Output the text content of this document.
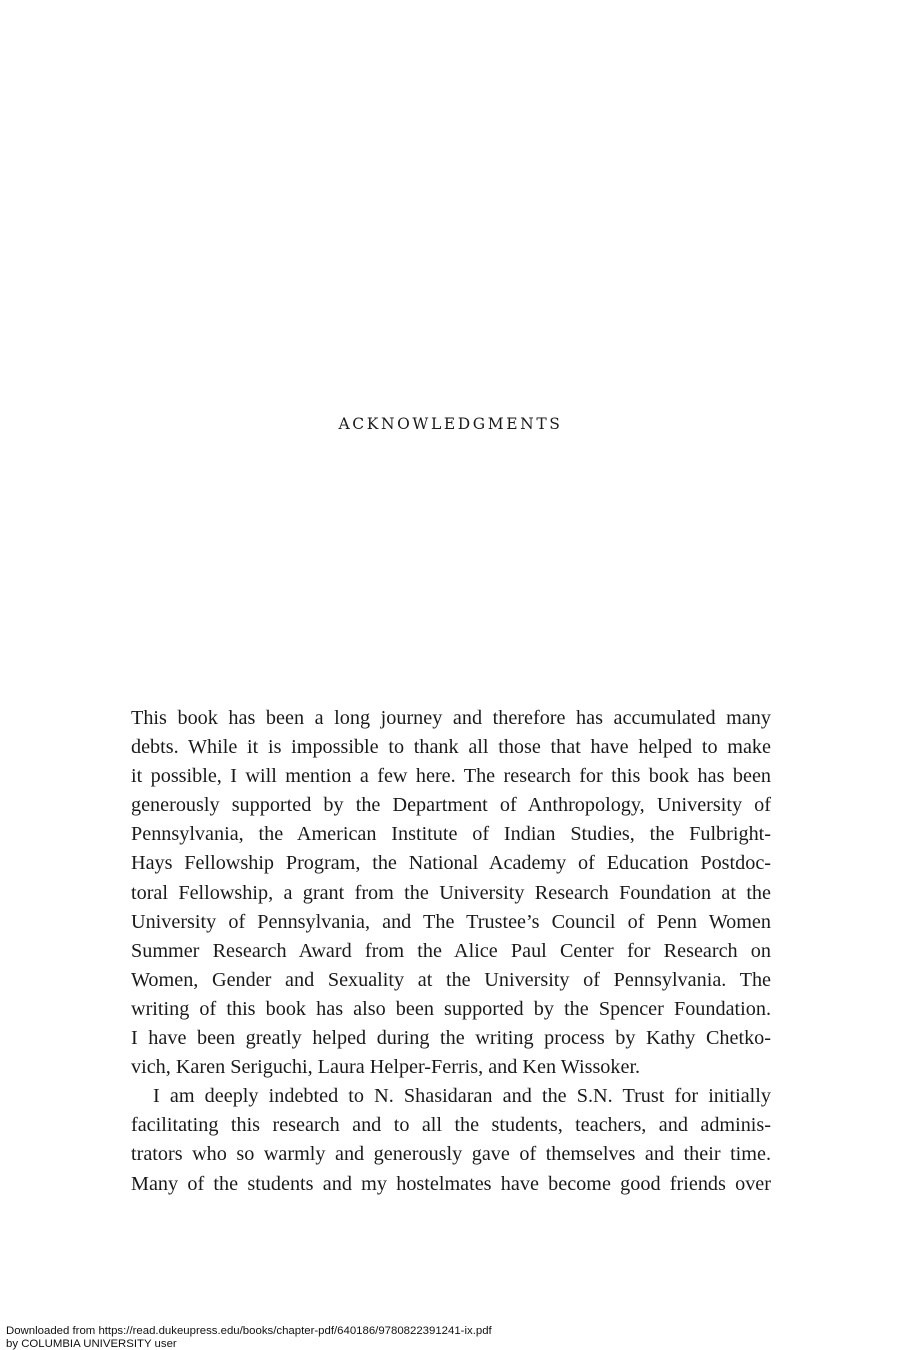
ACKNOWLEDGMENTS

This book has been a long journey and therefore has accumulated many
debts. While it is impossible to thank all those that have helped to make
it possible, I will mention a few here. The research for this book has been
generously supported by the Department of Anthropology, University of
Pennsylvania, the American Institute of Indian Studies, the Fulbright-
Hays Fellowship Program, the National Academy of Education Postdoc-
toral Fellowship, a grant from the University Research Foundation at the
University of Pennsylvania, and The Trustee’s Council of Penn Women
Summer Research Award from the Alice Paul Center for Research on
Women, Gender and Sexuality at the University of Pennsylvania. The
writing of this book has also been supported by the Spencer Foundation.
I have been greatly helped during the writing process by Kathy Chetko-
vich, Karen Seriguchi, Laura Helper-Ferris, and Ken Wissoker.

I am deeply indebted to N. Shasidaran and the S.N. Trust for initially
facilitating this research and to all the students, teachers, and adminis-
trators who so warmly and generously gave of themselves and their time.
Many of the students and my hostelmates have become good friends over

Downloaded from https://read.dukeupress.edu/books/chapter-pdf/640186/9780822391241-ix.pdf
by COLUMBIA UNIVERSITY user
